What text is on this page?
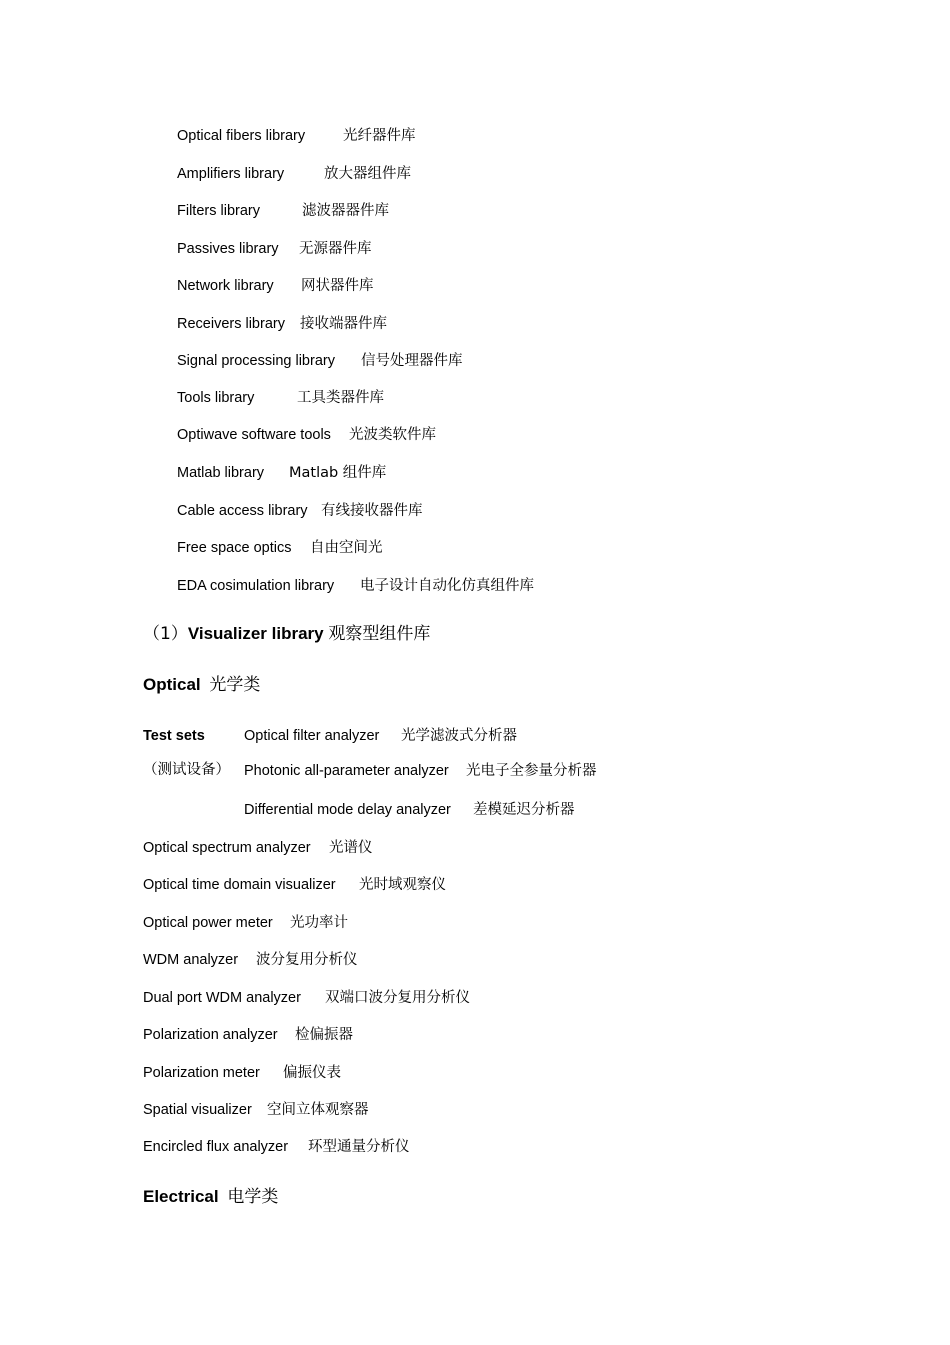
Optical fibers library	光纤器件库
Amplifiers library	放大器组件库
Filters library	滤波器器件库
Passives library 无源器件库
Network library 网状器件库
Receivers library 接收端器件库
Signal processing library 信号处理器件库
Tools library	工具类器件库
Optiwave software tools 光波类软件库
Matlab library Matlab 组件库
Cable access library 有线接收器件库
Free space optics 自由空间光
EDA cosimulation library 电子设计自动化仿真组件库
（1）Visualizer library 观察型组件库
Optical 光学类
Test sets
（测试设备）
Optical filter analyzer 光学滤波式分析器
Photonic all-parameter analyzer 光电子全参量分析器
Differential mode delay analyzer 差模延迟分析器
Optical spectrum analyzer 光谱仪
Optical time domain visualizer 光时域观察仪
Optical power meter 光功率计
WDM analyzer 波分复用分析仪
Dual port WDM analyzer 双端口波分复用分析仪
Polarization analyzer 检偏振器
Polarization meter 偏振仪表
Spatial visualizer 空间立体观察器
Encircled flux analyzer 环型通量分析仪
Electrical 电学类
